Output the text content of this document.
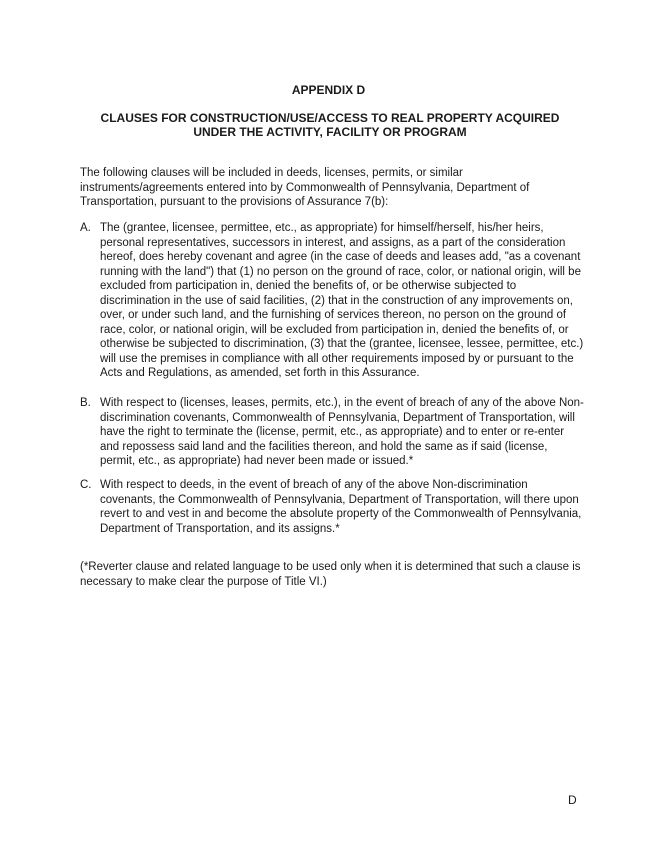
APPENDIX D
CLAUSES FOR CONSTRUCTION/USE/ACCESS TO REAL PROPERTY ACQUIRED UNDER THE ACTIVITY, FACILITY OR PROGRAM
The following clauses will be included in deeds, licenses, permits, or similar instruments/agreements entered into by Commonwealth of Pennsylvania, Department of Transportation, pursuant to the provisions of Assurance 7(b):
A. The (grantee, licensee, permittee, etc., as appropriate) for himself/herself, his/her heirs, personal representatives, successors in interest, and assigns, as a part of the consideration hereof, does hereby covenant and agree (in the case of deeds and leases add, "as a covenant running with the land") that (1) no person on the ground of race, color, or national origin, will be excluded from participation in, denied the benefits of, or be otherwise subjected to discrimination in the use of said facilities, (2) that in the construction of any improvements on, over, or under such land, and the furnishing of services thereon, no person on the ground of race, color, or national origin, will be excluded from participation in, denied the benefits of, or otherwise be subjected to discrimination, (3) that the (grantee, licensee, lessee, permittee, etc.) will use the premises in compliance with all other requirements imposed by or pursuant to the Acts and Regulations, as amended, set forth in this Assurance.
B. With respect to (licenses, leases, permits, etc.), in the event of breach of any of the above Non-discrimination covenants, Commonwealth of Pennsylvania, Department of Transportation, will have the right to terminate the (license, permit, etc., as appropriate) and to enter or re-enter and repossess said land and the facilities thereon, and hold the same as if said (license, permit, etc., as appropriate) had never been made or issued.*
C. With respect to deeds, in the event of breach of any of the above Non-discrimination covenants, the Commonwealth of Pennsylvania, Department of Transportation, will there upon revert to and vest in and become the absolute property of the Commonwealth of Pennsylvania, Department of Transportation, and its assigns.*
(*Reverter clause and related language to be used only when it is determined that such a clause is necessary to make clear the purpose of Title VI.)
D
